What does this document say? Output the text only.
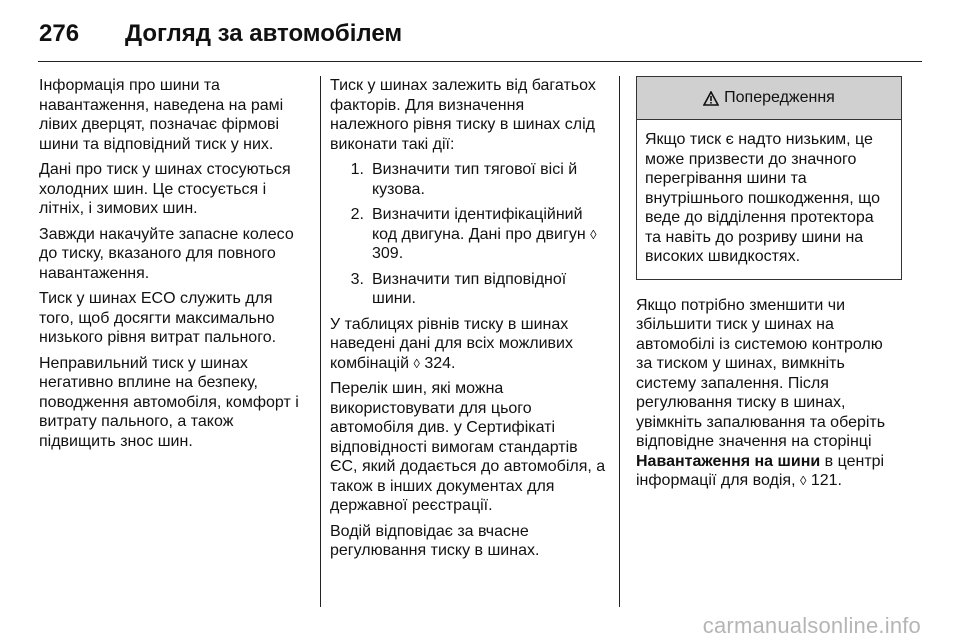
276	Догляд за автомобілем

Інформація про шини та навантаження, наведена на рамі лівих дверцят, позначає фірмові шини та відповідний тиск у них.

Дані про тиск у шинах стосуються холодних шин. Це стосується і літніх, і зимових шин.

Завжди накачуйте запасне колесо до тиску, вказаного для повного навантаження.

Тиск у шинах ECO служить для того, щоб досягти максимально низького рівня витрат пального.

Неправильний тиск у шинах негативно вплине на безпеку, поводження автомобіля, комфорт і витрату пального, а також підвищить знос шин.

Тиск у шинах залежить від багатьох факторів. Для визначення належного рівня тиску в шинах слід виконати такі дії:

1. Визначити тип тягової вісі й кузова.
2. Визначити ідентифікаційний код двигуна. Дані про двигун ◊ 309.
3. Визначити тип відповідної шини.

У таблицях рівнів тиску в шинах наведені дані для всіх можливих комбінацій ◊ 324.

Перелік шин, які можна використовувати для цього автомобіля див. у Сертифікаті відповідності вимогам стандартів ЄС, який додається до автомобіля, а також в інших документах для державної реєстрації.

Водій відповідає за вчасне регулювання тиску в шинах.

Попередження
Якщо тиск є надто низьким, це може призвести до значного перегрівання шини та внутрішнього пошкодження, що веде до відділення протектора та навіть до розриву шини на високих швидкостях.

Якщо потрібно зменшити чи збільшити тиск у шинах на автомобілі із системою контролю за тиском у шинах, вимкніть систему запалення. Після регулювання тиску в шинах, увімкніть запалювання та оберіть відповідне значення на сторінці Навантаження на шини в центрі інформації для водія, ◊ 121.

carmanualsonline.info
